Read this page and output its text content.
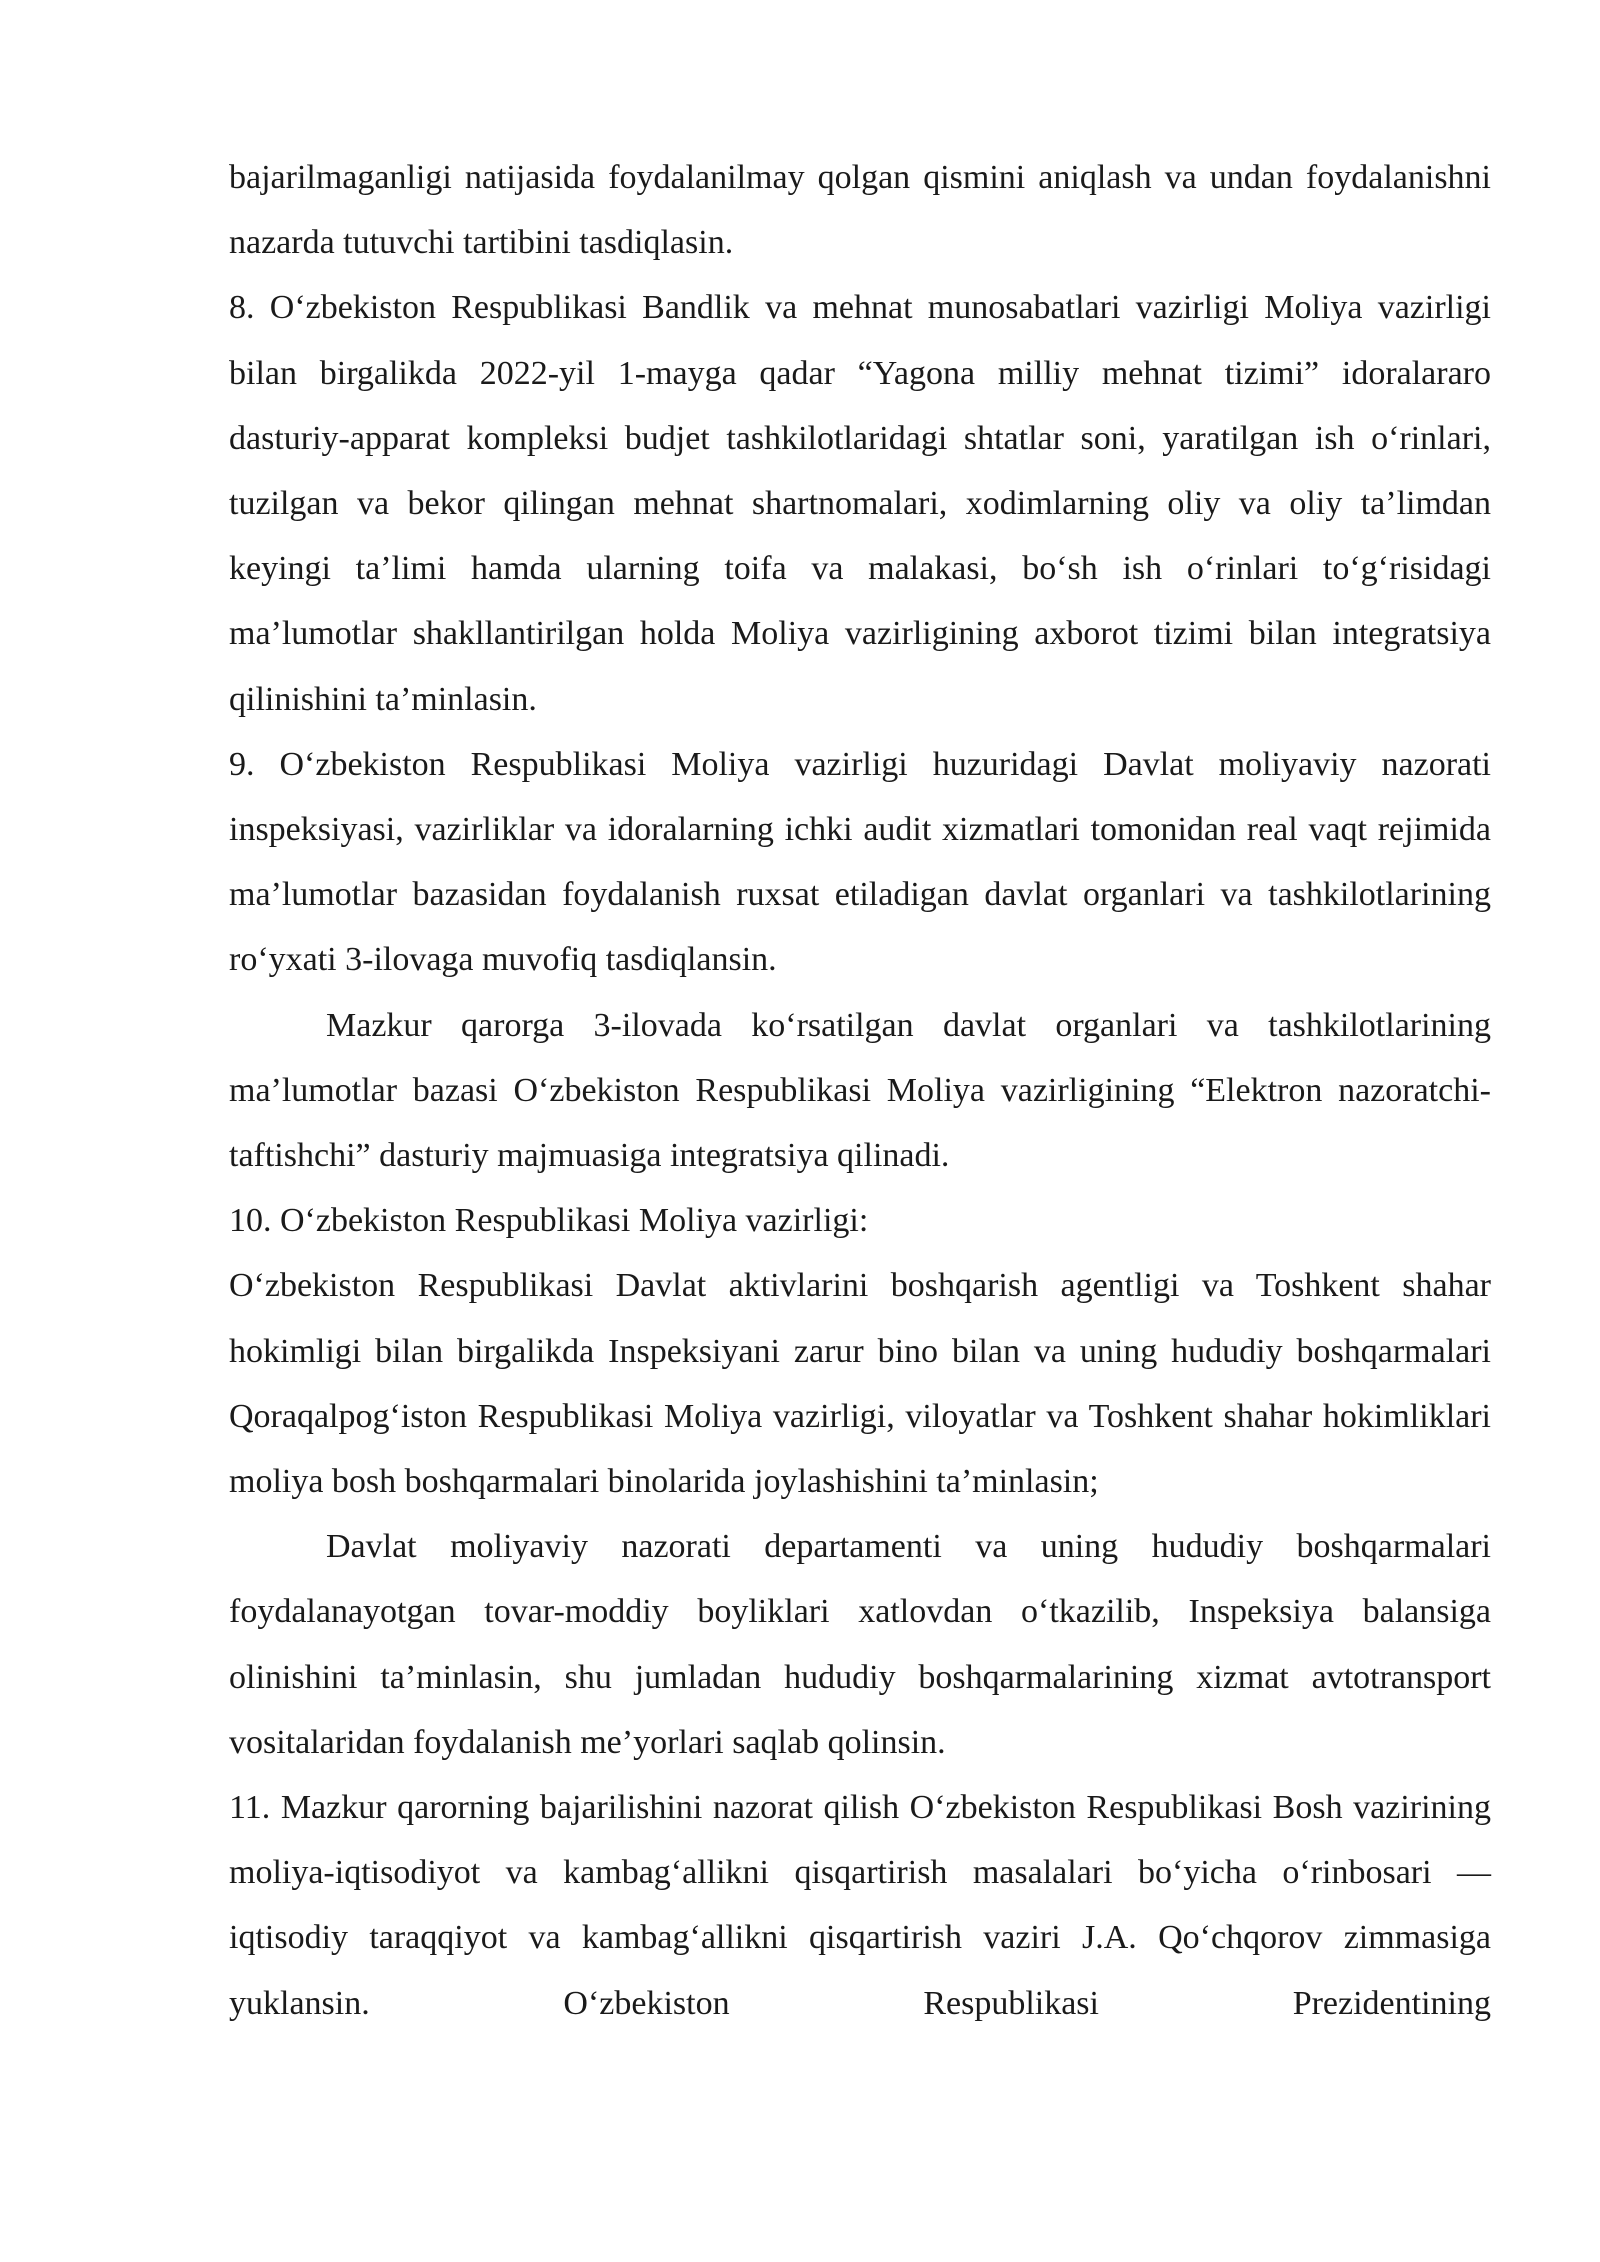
bajarilmaganligi natijasida foydalanilmay qolgan qismini aniqlash va undan foydalanishni nazarda tutuvchi tartibini tasdiqlasin.

8. O‘zbekiston Respublikasi Bandlik va mehnat munosabatlari vazirligi Moliya vazirligi bilan birgalikda 2022-yil 1-mayga qadar “Yagona milliy mehnat tizimi” idoralararo dasturiy-apparat kompleksi budjet tashkilotlaridagi shtatlar soni, yaratilgan ish o‘rinlari, tuzilgan va bekor qilingan mehnat shartnomalari, xodimlarning oliy va oliy ta’limdan keyingi ta’limi hamda ularning toifa va malakasi, bo‘sh ish o‘rinlari to‘g‘risidagi ma’lumotlar shakllantirilgan holda Moliya vazirligining axborot tizimi bilan integratsiya qilinishini ta’minlasin.

9. O‘zbekiston Respublikasi Moliya vazirligi huzuridagi Davlat moliyaviy nazorati inspeksiyasi, vazirliklar va idoralarning ichki audit xizmatlari tomonidan real vaqt rejimida ma’lumotlar bazasidan foydalanish ruxsat etiladigan davlat organlari va tashkilotlarining ro‘yxati 3-ilovaga muvofiq tasdiqlansin.

Mazkur qarorga 3-ilovada ko‘rsatilgan davlat organlari va tashkilotlarining ma’lumotlar bazasi O‘zbekiston Respublikasi Moliya vazirligining “Elektron nazoratchi-taftishchi” dasturiy majmuasiga integratsiya qilinadi.

10. O‘zbekiston Respublikasi Moliya vazirligi:

O‘zbekiston Respublikasi Davlat aktivlarini boshqarish agentligi va Toshkent shahar hokimligi bilan birgalikda Inspeksiyani zarur bino bilan va uning hududiy boshqarmalari Qoraqalpog‘iston Respublikasi Moliya vazirligi, viloyatlar va Toshkent shahar hokimliklari moliya bosh boshqarmalari binolarida joylashishini ta’minlasin;

Davlat moliyaviy nazorati departamenti va uning hududiy boshqarmalari foydalanayotgan tovar-moddiy boyliklari xatlovdan o‘tkazilib, Inspeksiya balansiga olinishini ta’minlasin, shu jumladan hududiy boshqarmalarining xizmat avtotransport vositalaridan foydalanish me’yorlari saqlab qolinsin.

11. Mazkur qarorning bajarilishini nazorat qilish O‘zbekiston Respublikasi Bosh vazirining moliya-iqtisodiyot va kambag‘allikni qisqartirish masalalari bo‘yicha o‘rinbosari — iqtisodiy taraqqiyot va kambag‘allikni qisqartirish vaziri J.A. Qo‘chqorov zimmasiga yuklansin. O‘zbekiston Respublikasi Prezidentining
